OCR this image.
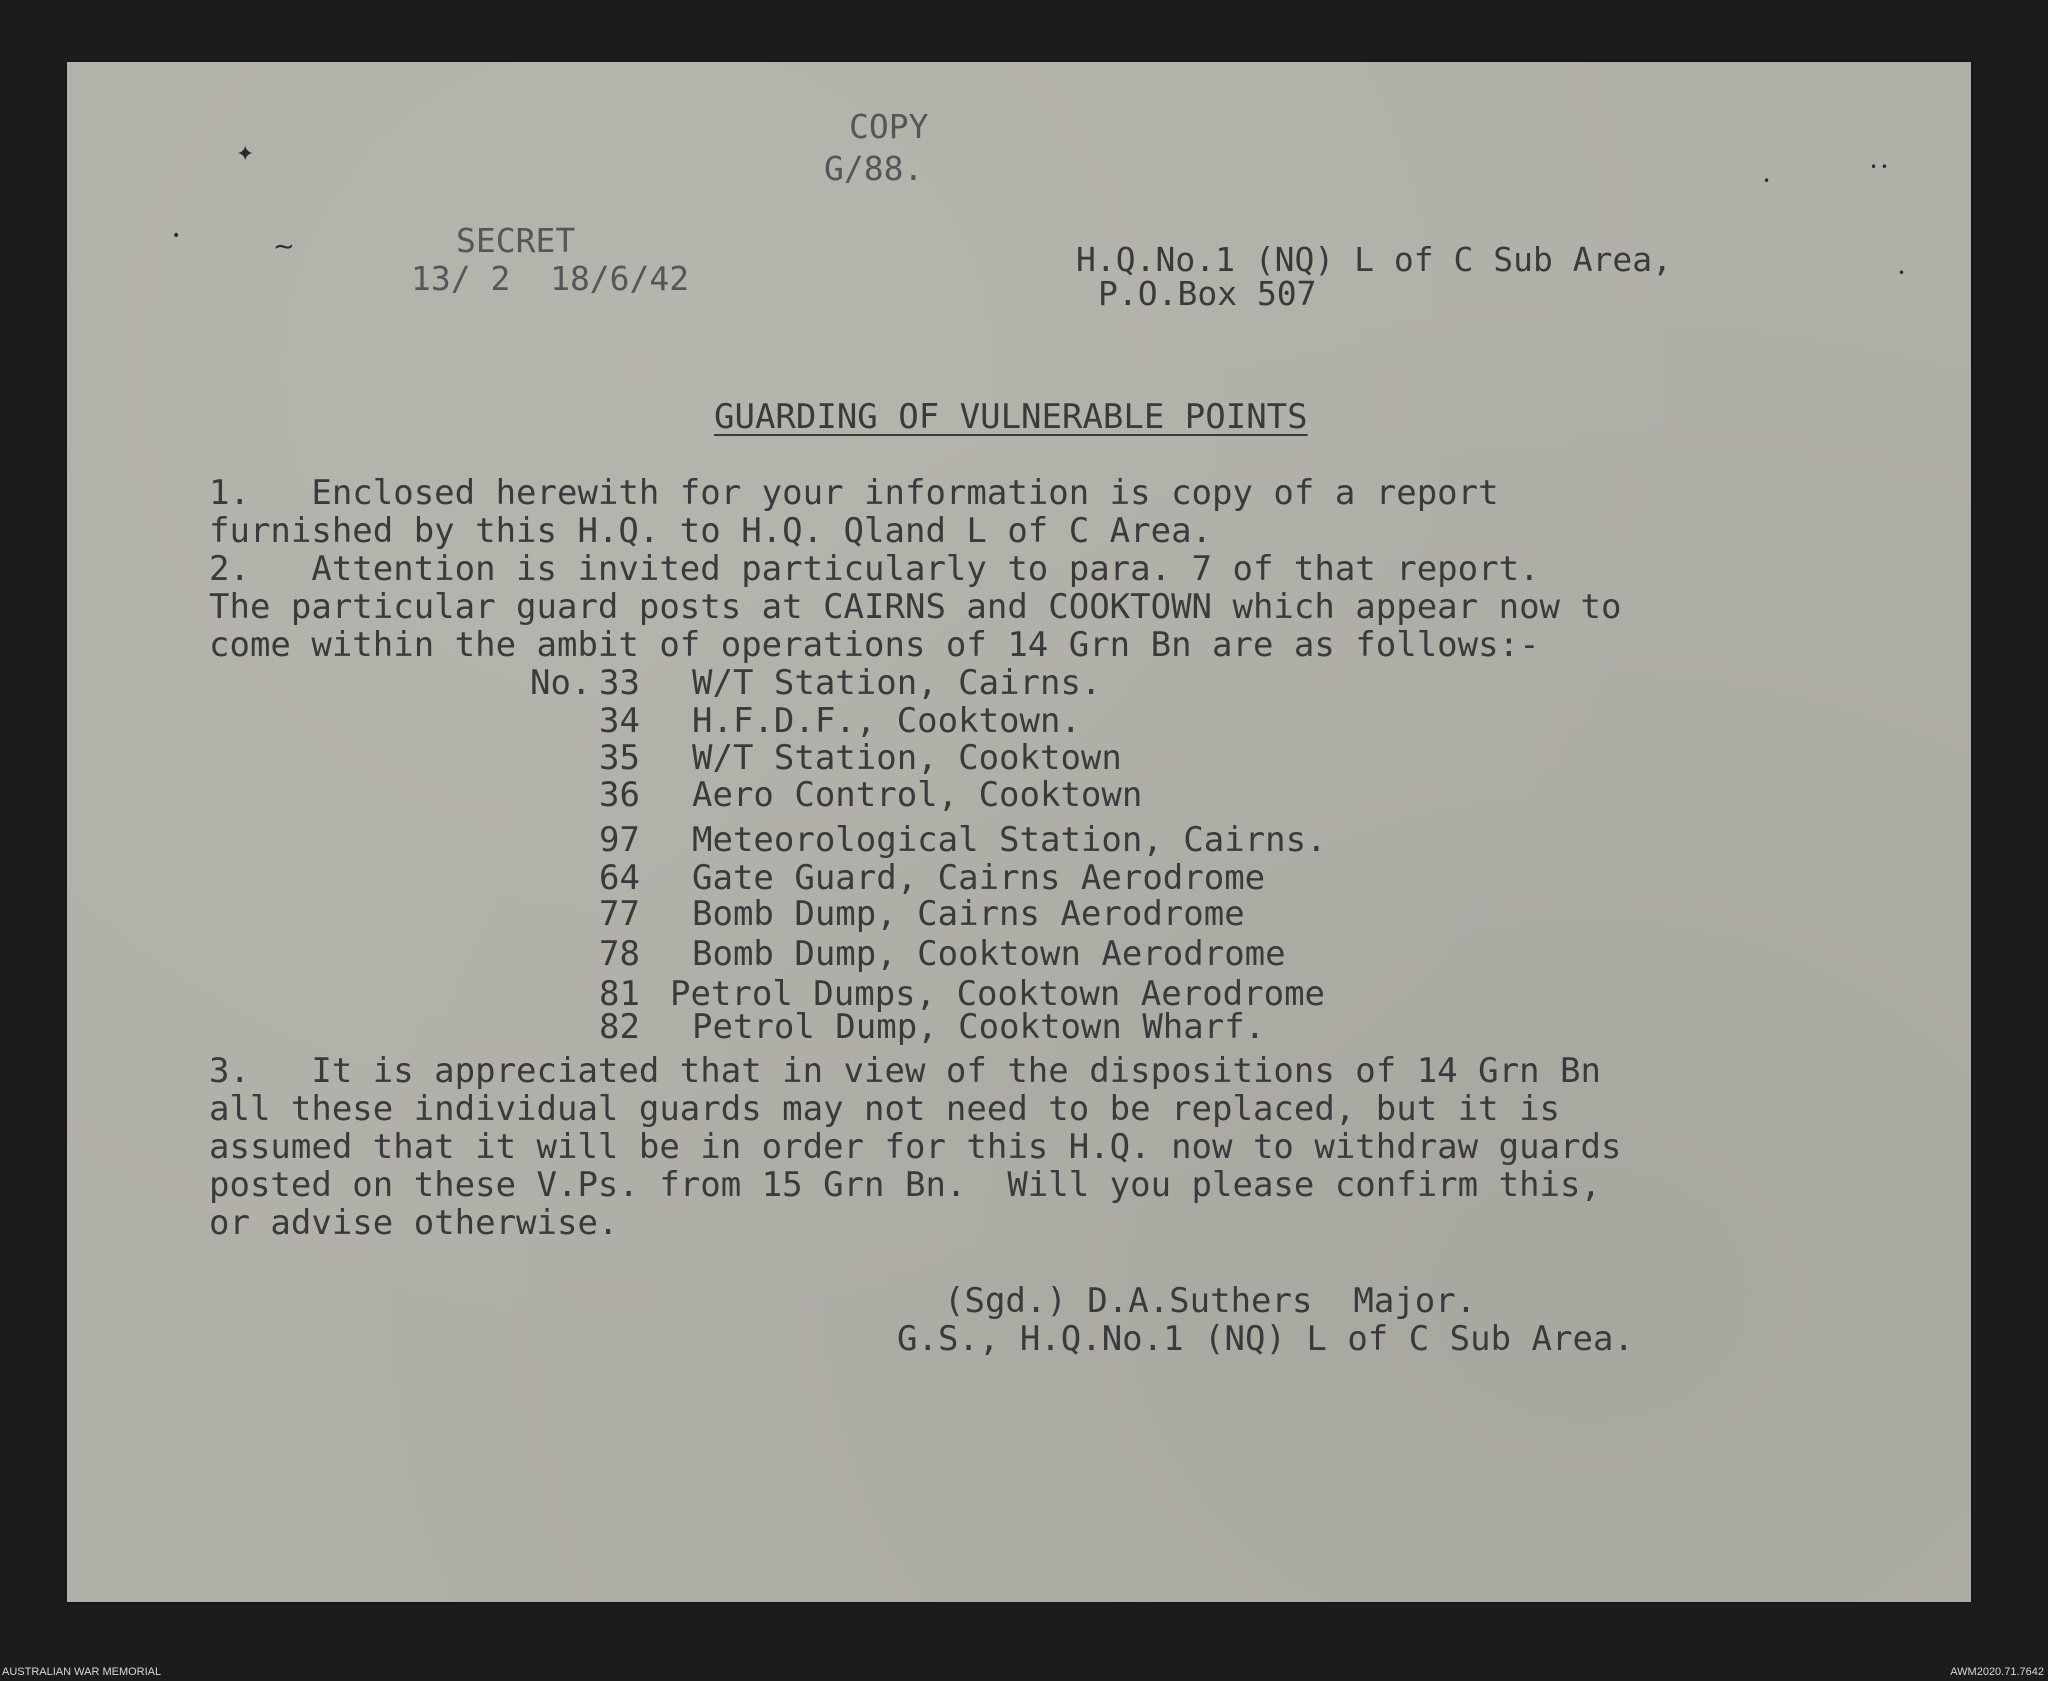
COPY
G/88.
SECRET
13/ 2  18/6/42	H.Q.No.1 (NQ) L of C Sub Area,
P.O.Box 507
GUARDING OF VULNERABLE POINTS
1.   Enclosed herewith for your information is copy of a report
furnished by this H.Q. to H.Q. Qland L of C Area.
2.   Attention is invited particularly to para. 7 of that report.
The particular guard posts at CAIRNS and COOKTOWN which appear now to
come within the ambit of operations of 14 Grn Bn are as follows:-
No. 33 W/T Station, Cairns.
34 H.F.D.F., Cooktown.
35 W/T Station, Cooktown
36 Aero Control, Cooktown
97 Meteorological Station, Cairns.
64 Gate Guard, Cairns Aerodrome
77 Bomb Dump, Cairns Aerodrome
78 Bomb Dump, Cooktown Aerodrome
81 Petrol Dumps, Cooktown Aerodrome
82 Petrol Dump, Cooktown Wharf.
3.   It is appreciated that in view of the dispositions of 14 Grn Bn
all these individual guards may not need to be replaced, but it is
assumed that it will be in order for this H.Q. now to withdraw guards
posted on these V.Ps. from 15 Grn Bn.  Will you please confirm this,
or advise otherwise.
(Sgd.) D.A.Suthers  Major.
G.S., H.Q.No.1 (NQ) L of C Sub Area.
✦
∼
•
•
• •
•
AUSTRALIAN WAR MEMORIAL	AWM2020.71.7642
